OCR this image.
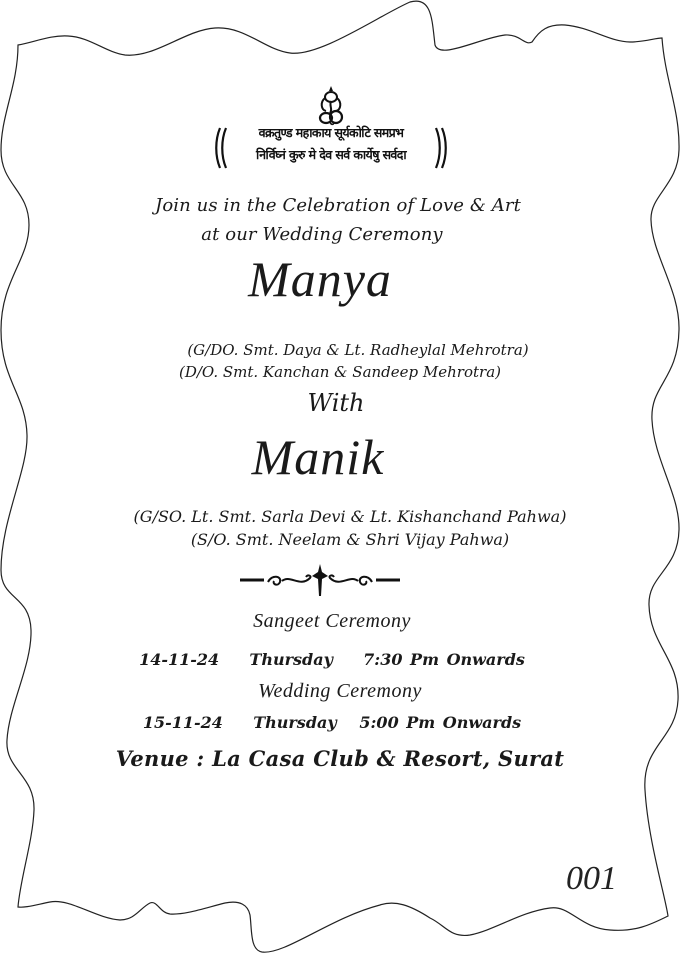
वक्रतुण्ड महाकाय सूर्यकोटि समप्रभ
निर्विघ्नं कुरु मे देव सर्व कार्येषु सर्वदा
Join us in the Celebration of Love & Art
at our Wedding Ceremony
Manya
(G/DO. Smt. Daya & Lt. Radheylal Mehrotra)
(D/O. Smt. Kanchan & Sandeep Mehrotra)
With
Manik
(G/SO. Lt. Smt. Sarla Devi & Lt. Kishanchand Pahwa)
(S/O. Smt. Neelam & Shri Vijay Pahwa)
Sangeet Ceremony
14-11-24 Thursday 7:30 Pm Onwards
Wedding Ceremony
15-11-24 Thursday 5:00 Pm Onwards
Venue : La Casa Club & Resort, Surat
001
